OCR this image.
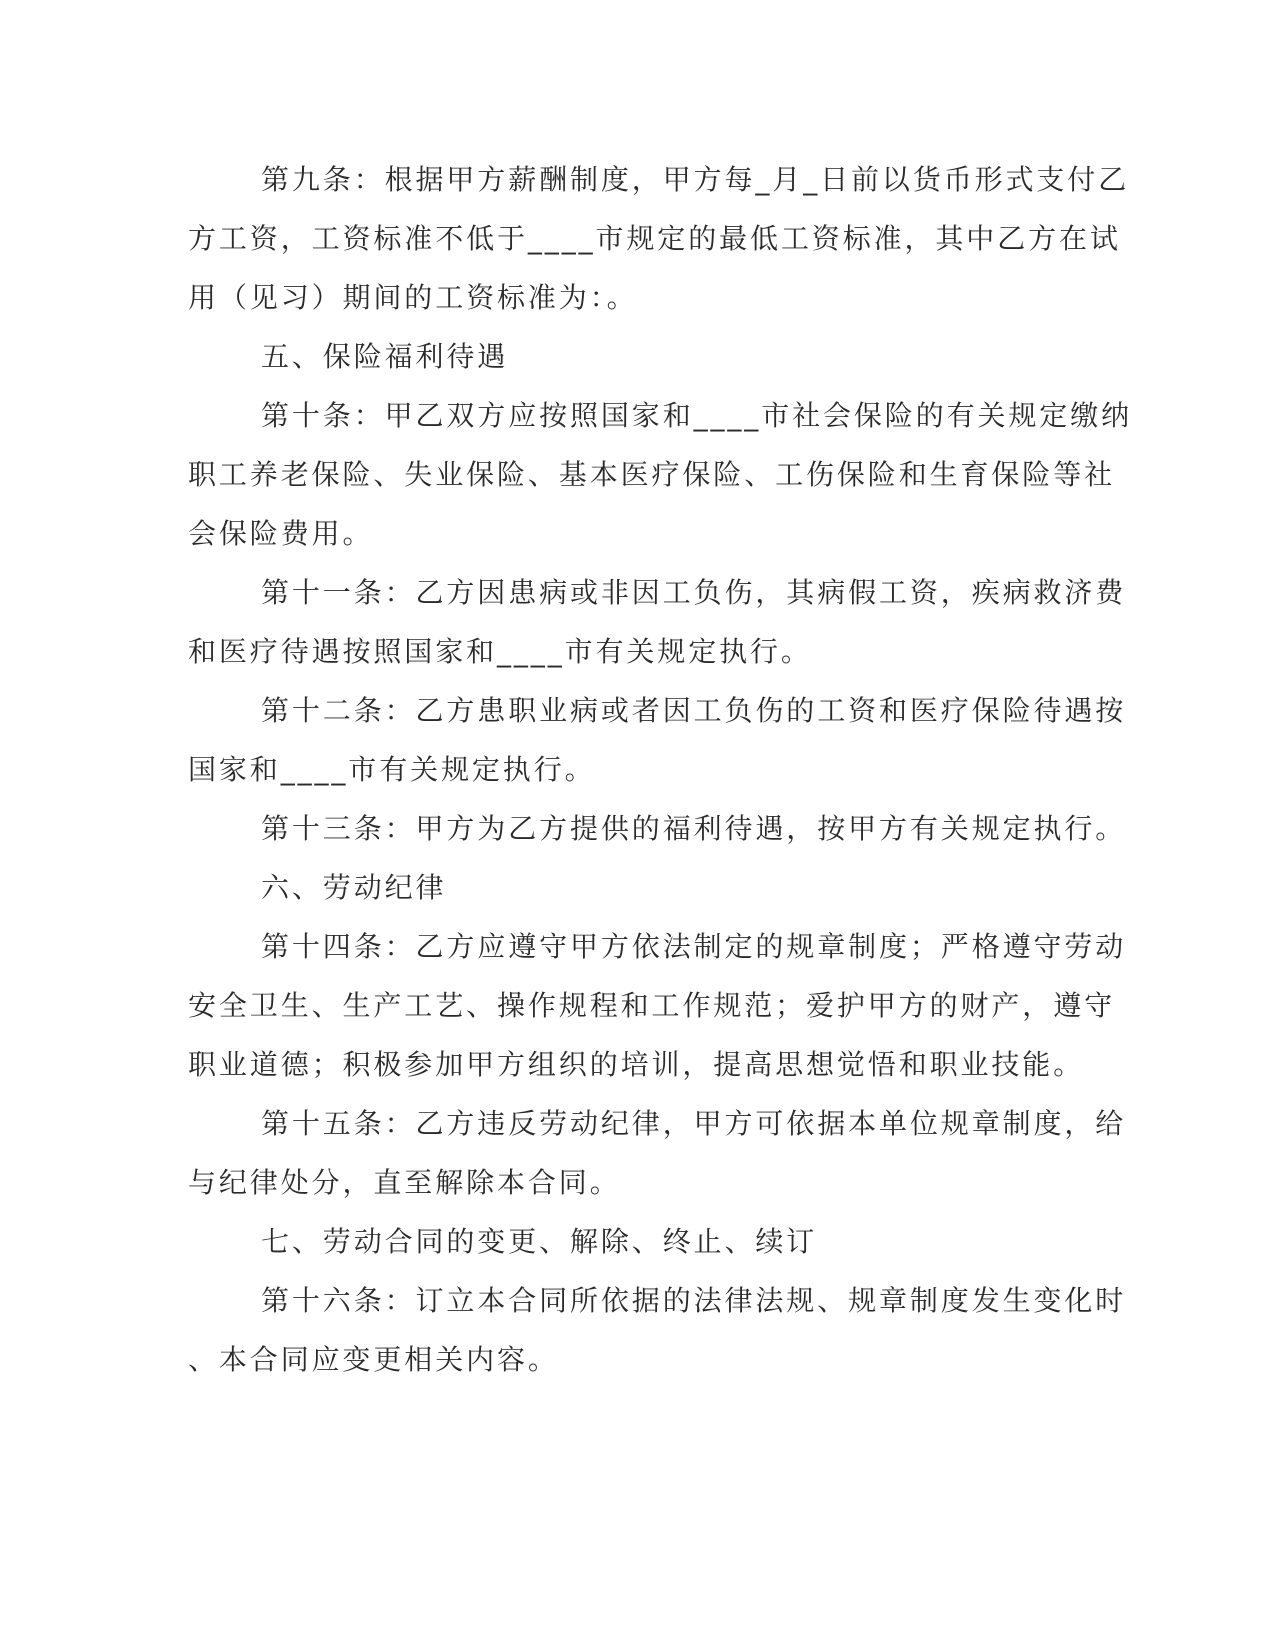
第九条：根据甲方薪酬制度，甲方每_月_日前以货币形式支付乙
方工资，工资标准不低于____市规定的最低工资标准，其中乙方在试
用（见习）期间的工资标准为：。
五、保险福利待遇
第十条：甲乙双方应按照国家和____市社会保险的有关规定缴纳
职工养老保险、失业保险、基本医疗保险、工伤保险和生育保险等社
会保险费用。
第十一条：乙方因患病或非因工负伤，其病假工资，疾病救济费
和医疗待遇按照国家和____市有关规定执行。
第十二条：乙方患职业病或者因工负伤的工资和医疗保险待遇按
国家和____市有关规定执行。
第十三条：甲方为乙方提供的福利待遇，按甲方有关规定执行。
六、劳动纪律
第十四条：乙方应遵守甲方依法制定的规章制度；严格遵守劳动
安全卫生、生产工艺、操作规程和工作规范；爱护甲方的财产，遵守
职业道德；积极参加甲方组织的培训，提高思想觉悟和职业技能。
第十五条：乙方违反劳动纪律，甲方可依据本单位规章制度，给
与纪律处分，直至解除本合同。
七、劳动合同的变更、解除、终止、续订
第十六条：订立本合同所依据的法律法规、规章制度发生变化时
、本合同应变更相关内容。
